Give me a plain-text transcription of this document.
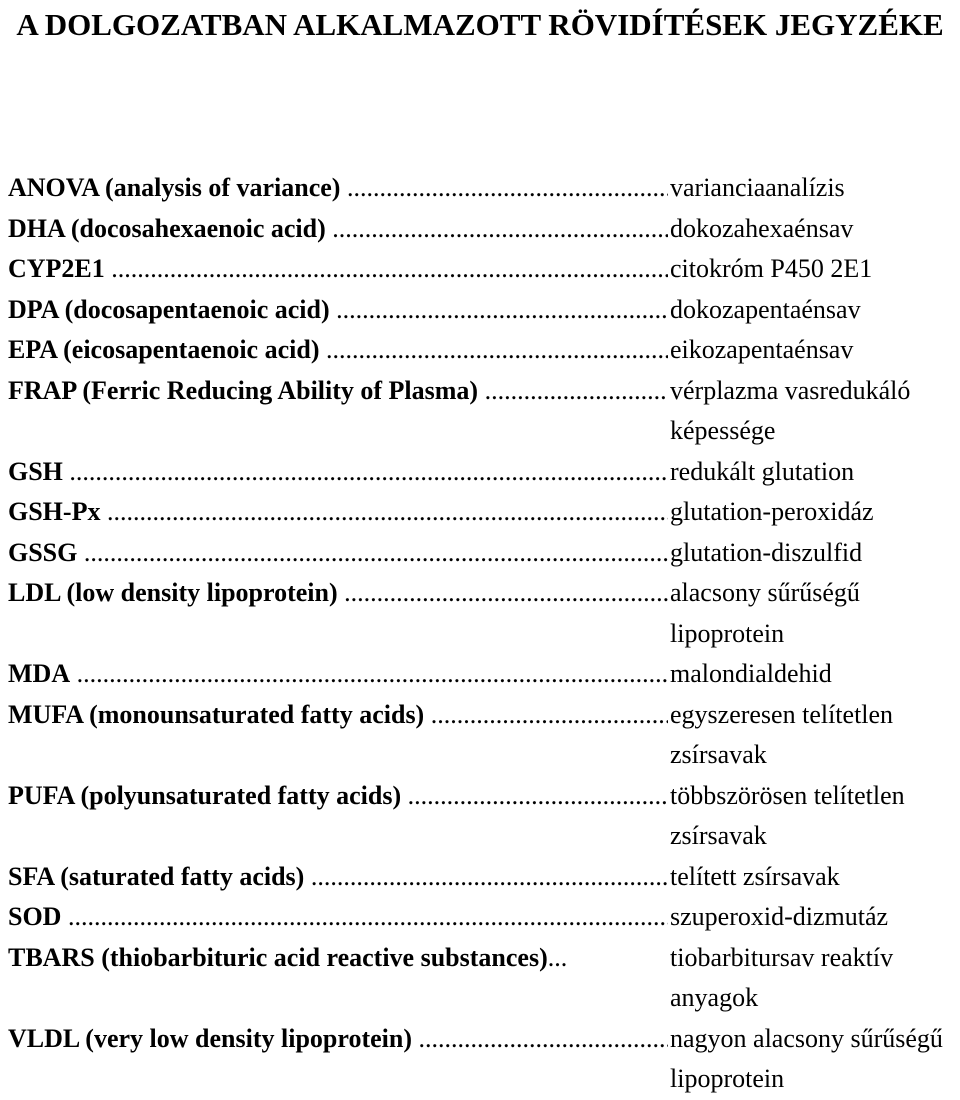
A DOLGOZATBAN ALKALMAZOTT RÖVIDÍTÉSEK JEGYZÉKE
ANOVA (analysis of variance) .....	varianciaanalízis
DHA (docosahexaenoic acid) .....	dokozahexaénsav
CYP2E1 .....	citokróm P450 2E1
DPA (docosapentaenoic acid) .....	dokozapentaénsav
EPA (eicosapentaenoic acid) .....	eikozapentaénsav
FRAP (Ferric Reducing Ability of Plasma) .....	vérplazma vasredukáló képessége
GSH .....	redukált glutation
GSH-Px .....	glutation-peroxidáz
GSSG .....	glutation-diszulfid
LDL (low density lipoprotein) .....	alacsony sűrűségű lipoprotein
MDA .....	malondialdehid
MUFA (monounsaturated fatty acids) .....	egyszeresen telítetlen zsírsavak
PUFA (polyunsaturated fatty acids) .....	többszörösen telítetlen zsírsavak
SFA (saturated fatty acids) .....	telített zsírsavak
SOD .....	szuperoxid-dizmutáz
TBARS (thiobarbituric acid reactive substances) ...	tiobarbitursav reaktív anyagok
VLDL (very low density lipoprotein) .....	nagyon alacsony sűrűségű lipoprotein
